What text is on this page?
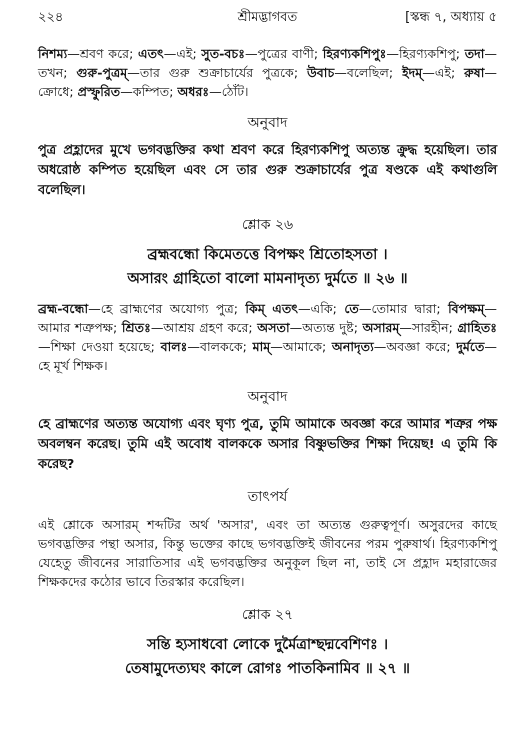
২২৪	শ্রীমদ্ভাগবত	[স্কন্ধ ৭, অধ্যায় ৫

নিশম্য—শ্রবণ করে; এতৎ—এই; সুত-বচঃ—পুত্রের বাণী; হিরণ্যকশিপুঃ—হিরণ্যকশিপু; তদা—তখন; গুরু-পুত্রম্—তার গুরু শুক্রাচার্যের পুত্রকে; উবাচ—বলেছিল; ইদম্—এই; রুষা—ক্রোধে; প্রস্ফুরিত—কম্পিত; অধরঃ—ঠোঁট।

অনুবাদ

পুত্র প্রহ্লাদের মুখে ভগবদ্ভক্তির কথা শ্রবণ করে হিরণ্যকশিপু অত্যন্ত ক্রুদ্ধ হয়েছিল। তার অধরোষ্ঠ কম্পিত হয়েছিল এবং সে তার গুরু শুক্রাচার্যের পুত্র ষণ্ডকে এই কথাগুলি বলেছিল।

শ্লোক ২৬

ব্রহ্মবন্ধো কিমেতত্তে বিপক্ষং শ্রিতোহসতা ।

অসারং গ্রাহিতো বালো মামনাদৃত্য দুর্মতে ॥ ২৬ ॥

ব্রহ্ম-বন্ধো—হে ব্রাহ্মণের অযোগ্য পুত্র; কিম্ এতৎ—একি; তে—তোমার দ্বারা; বিপক্ষম্—আমার শত্রুপক্ষ; শ্রিতঃ—আশ্রয় গ্রহণ করে; অসতা—অত্যন্ত দুষ্ট; অসারম্—সারহীন; গ্রাহিতঃ—শিক্ষা দেওয়া হয়েছে; বালঃ—বালককে; মাম্—আমাকে; অনাদৃত্য—অবজ্ঞা করে; দুর্মতে—হে মূর্খ শিক্ষক।

অনুবাদ

হে ব্রাহ্মণের অত্যন্ত অযোগ্য এবং ঘৃণ্য পুত্র, তুমি আমাকে অবজ্ঞা করে আমার শত্রুর পক্ষ অবলম্বন করেছ। তুমি এই অবোধ বালককে অসার বিষ্ণুভক্তির শিক্ষা দিয়েছ! এ তুমি কি করেছ?

তাৎপর্য

এই শ্লোকে অসারম্ শব্দটির অর্থ 'অসার', এবং তা অত্যন্ত গুরুত্বপূর্ণ। অসুরদের কাছে ভগবদ্ভক্তির পন্থা অসার, কিন্তু ভক্তের কাছে ভগবদ্ভক্তিই জীবনের পরম পুরুষার্থ। হিরণ্যকশিপু যেহেতু জীবনের সারাতিসার এই ভগবদ্ভক্তির অনুকূল ছিল না, তাই সে প্রহ্লাদ মহারাজের শিক্ষকদের কঠোর ভাবে তিরস্কার করেছিল।

শ্লোক ২৭

সন্তি হ্যসাধবো লোকে দুর্মৈত্রাশ্ছদ্মবেশিণঃ ।

তেষামুদেত্যঘং কালে রোগঃ পাতকিনামিব ॥ ২৭ ॥
